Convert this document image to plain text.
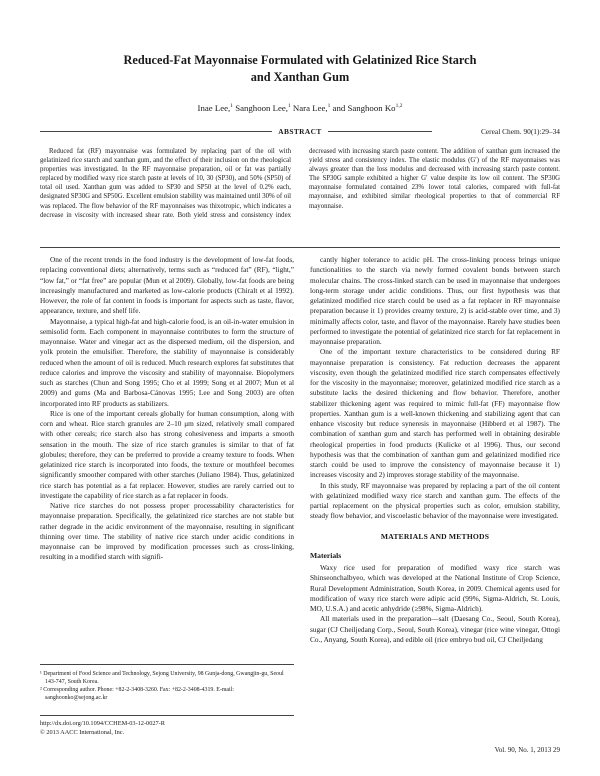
Reduced-Fat Mayonnaise Formulated with Gelatinized Rice Starch
and Xanthan Gum
Inae Lee,$^1$ Sanghoon Lee,$^1$ Nara Lee,$^1$ and Sanghoon Ko$^{1,2}$
ABSTRACT	Cereal Chem. 90(1):29–34

Reduced fat (RF) mayonnaise was formulated by replacing part of the oil with gelatinized rice starch and xanthan gum, and the effect of their inclusion on the rheological properties was investigated. In the RF mayonnaise preparation, oil or fat was partially replaced by modified waxy rice starch paste at levels of 10, 30 (SP30), and 50% (SP50) of total oil used. Xanthan gum was added to SP30 and SP50 at the level of 0.2% each, designated SP30G and SP50G. Excellent emulsion stability was maintained until 30% of oil was replaced. The flow behavior of the RF mayonnaises was thixotropic, which indicates a decrease in viscosity with increased shear rate. Both yield stress and consistency index decreased with increasing starch paste content. The addition of xanthan gum increased the yield stress and consistency index. The elastic modulus (G′) of the RF mayonnaises was always greater than the loss modulus and decreased with increasing starch paste content. The SP30G sample exhibited a higher G′ value despite its low oil content. The SP30G mayonnaise formulated contained 23% lower total calories, compared with full-fat mayonnaise, and exhibited similar rheological properties to that of commercial RF mayonnaise.

One of the recent trends in the food industry is the development of low-fat foods, replacing conventional diets; alternatively, terms such as “reduced fat” (RF), “light,” “low fat,” or “fat free” are popular (Mun et al 2009). Globally, low-fat foods are being increasingly manufactured and marketed as low-calorie products (Chiralt et al 1992). However, the role of fat content in foods is important for aspects such as taste, flavor, appearance, texture, and shelf life.

Mayonnaise, a typical high-fat and high-calorie food, is an oil-in-water emulsion in semisolid form. Each component in mayonnaise contributes to form the structure of mayonnaise. Water and vinegar act as the dispersed medium, oil the dispersion, and yolk protein the emulsifier. Therefore, the stability of mayonnaise is considerably reduced when the amount of oil is reduced. Much research explores fat substitutes that reduce calories and improve the viscosity and stability of mayonnaise. Biopolymers such as starches (Chun and Song 1995; Cho et al 1999; Song et al 2007; Mun et al 2009) and gums (Ma and Barbosa-Cánovas 1995; Lee and Song 2003) are often incorporated into RF products as stabilizers.

Rice is one of the important cereals globally for human consumption, along with corn and wheat. Rice starch granules are 2–10 μm sized, relatively small compared with other cereals; rice starch also has strong cohesiveness and imparts a smooth sensation in the mouth. The size of rice starch granules is similar to that of fat globules; therefore, they can be preferred to provide a creamy texture to foods. When gelatinized rice starch is incorporated into foods, the texture or mouthfeel becomes significantly smoother compared with other starches (Juliano 1984). Thus, gelatinized rice starch has potential as a fat replacer. However, studies are rarely carried out to investigate the capability of rice starch as a fat replacer in foods.

Native rice starches do not possess proper processability characteristics for mayonnaise preparation. Specifically, the gelatinized rice starches are not stable but rather degrade in the acidic environment of the mayonnaise, resulting in significant thinning over time. The stability of native rice starch under acidic conditions in mayonnaise can be improved by modification processes such as cross-linking, resulting in a modified starch with signifi-

cantly higher tolerance to acidic pH. The cross-linking process brings unique functionalities to the starch via newly formed covalent bonds between starch molecular chains. The cross-linked starch can be used in mayonnaise that undergoes long-term storage under acidic conditions. Thus, our first hypothesis was that gelatinized modified rice starch could be used as a fat replacer in RF mayonnaise preparation because it 1) provides creamy texture, 2) is acid-stable over time, and 3) minimally affects color, taste, and flavor of the mayonnaise. Rarely have studies been performed to investigate the potential of gelatinized rice starch for fat replacement in mayonnaise preparation.

One of the important texture characteristics to be considered during RF mayonnaise preparation is consistency. Fat reduction decreases the apparent viscosity, even though the gelatinized modified rice starch compensates effectively for the viscosity in the mayonnaise; moreover, gelatinized modified rice starch as a substitute lacks the desired thickening and flow behavior. Therefore, another stabilizer thickening agent was required to mimic full-fat (FF) mayonnaise flow properties. Xanthan gum is a well-known thickening and stabilizing agent that can enhance viscosity but reduce syneresis in mayonnaise (Hibberd et al 1987). The combination of xanthan gum and starch has performed well in obtaining desirable rheological properties in food products (Kulicke et al 1996). Thus, our second hypothesis was that the combination of xanthan gum and gelatinized modified rice starch could be used to improve the consistency of mayonnaise because it 1) increases viscosity and 2) improves storage stability of the mayonnaise.

In this study, RF mayonnaise was prepared by replacing a part of the oil content with gelatinized modified waxy rice starch and xanthan gum. The effects of the partial replacement on the physical properties such as color, emulsion stability, steady flow behavior, and viscoelastic behavior of the mayonnaise were investigated.

MATERIALS AND METHODS

Materials

Waxy rice used for preparation of modified waxy rice starch was Shinseonchalbyeo, which was developed at the National Institute of Crop Science, Rural Development Administration, South Korea, in 2009. Chemical agents used for modification of waxy rice starch were adipic acid (99%, Sigma-Aldrich, St. Louis, MO, U.S.A.) and acetic anhydride (≥98%, Sigma-Aldrich).

All materials used in the preparation—salt (Daesang Co., Seoul, South Korea), sugar (CJ Cheiljedang Corp., Seoul, South Korea), vinegar (rice wine vinegar, Ottogi Co., Anyang, South Korea), and edible oil (rice embryo bud oil, CJ Cheiljedang

¹ Department of Food Science and Technology, Sejong University, 98 Gunja-dong, Gwangjin-gu, Seoul 143-747, South Korea.

² Corresponding author. Phone: +82-2-3408-3260. Fax: +82-2-3408-4319. E-mail: sanghoonko@sejong.ac.kr

http://dx.doi.org/10.1094/CCHEM-03-12-0027-R

© 2013 AACC International, Inc.

Vol. 90, No. 1, 2013 29
